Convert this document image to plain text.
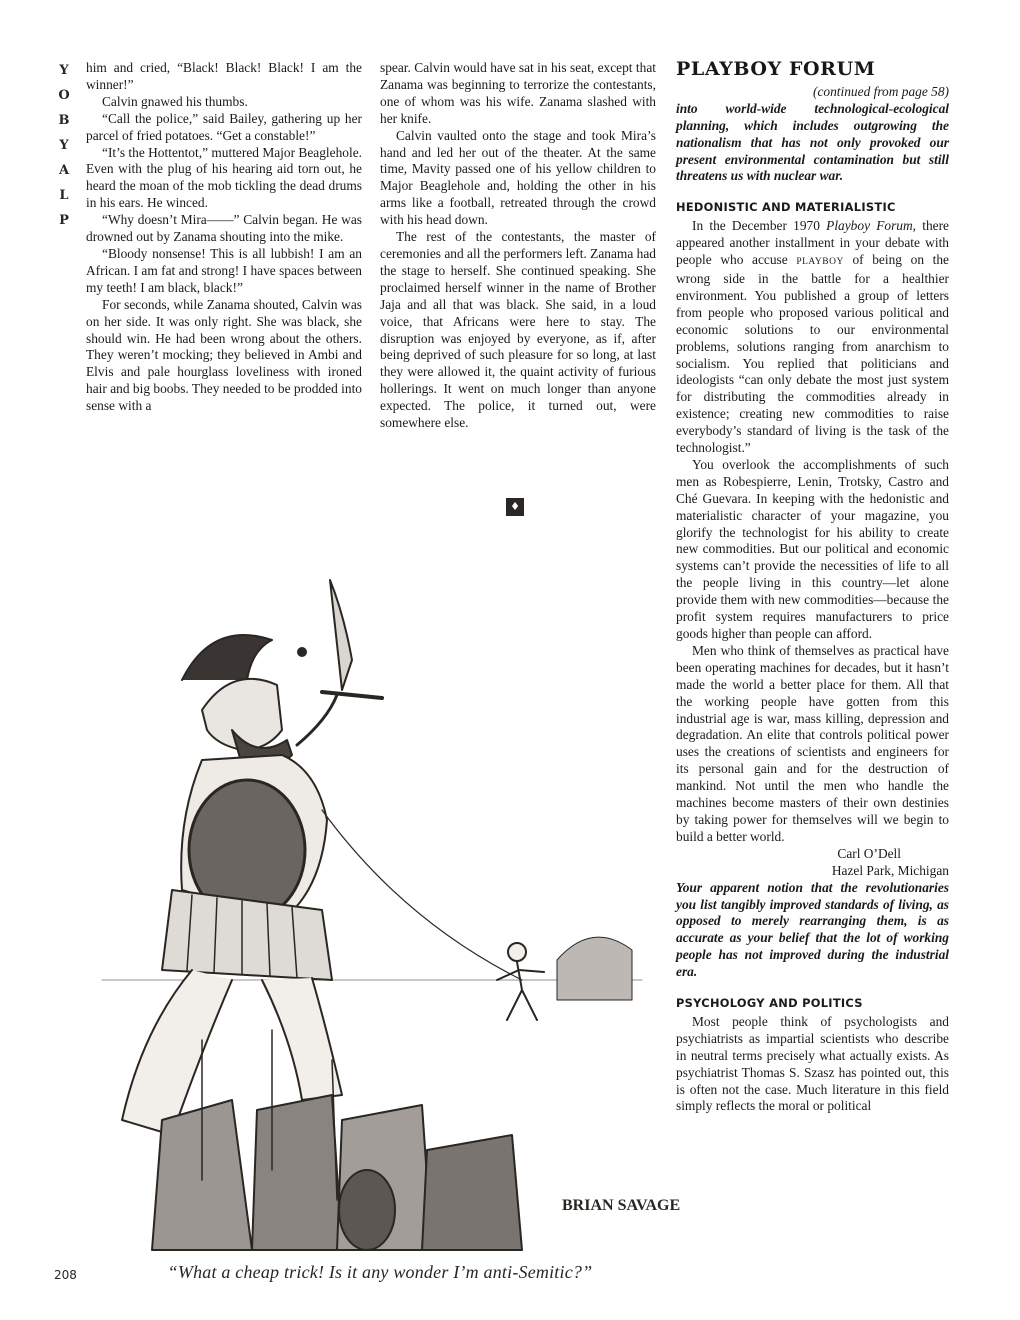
Y
O
B
Y
A
L
P

him and cried, “Black! Black! Black! I am the winner!”

Calvin gnawed his thumbs.

“Call the police,” said Bailey, gathering up her parcel of fried potatoes. “Get a constable!”

“It’s the Hottentot,” muttered Major Beaglehole. Even with the plug of his hearing aid torn out, he heard the moan of the mob tickling the dead drums in his ears. He winced.

“Why doesn’t Mira——” Calvin began. He was drowned out by Zanama shouting into the mike.

“Bloody nonsense! This is all lubbish! I am an African. I am fat and strong! I have spaces between my teeth! I am black, black!”

For seconds, while Zanama shouted, Calvin was on her side. It was only right. She was black, she should win. He had been wrong about the others. They weren’t mocking; they believed in Ambi and Elvis and pale hourglass loveliness with ironed hair and big boobs. They needed to be prodded into sense with a

spear. Calvin would have sat in his seat, except that Zanama was beginning to terrorize the contestants, one of whom was his wife. Zanama slashed with her knife.

Calvin vaulted onto the stage and took Mira’s hand and led her out of the theater. At the same time, Mavity passed one of his yellow children to Major Beaglehole and, holding the other in his arms like a football, retreated through the crowd with his head down.

The rest of the contestants, the master of ceremonies and all the performers left. Zanama had the stage to herself. She continued speaking. She proclaimed herself winner in the name of Brother Jaja and all that was black. She said, in a loud voice, that Africans were here to stay. The disruption was enjoyed by everyone, as if, after being deprived of such pleasure for so long, at last they were allowed it, the quaint activity of furious hollerings. It went on much longer than anyone expected. The police, it turned out, were somewhere else.

♦
PLAYBOY FORUM

(continued from page 58)

into world-wide technological-ecological planning, which includes outgrowing the nationalism that has not only provoked our present environmental contamination but still threatens us with nuclear war.

HEDONISTIC AND MATERIALISTIC

In the December 1970 Playboy Forum, there appeared another installment in your debate with people who accuse PLAYBOY of being on the wrong side in the battle for a healthier environment. You published a group of letters from people who proposed various political and economic solutions to our environmental problems, solutions ranging from anarchism to socialism. You replied that politicians and ideologists “can only debate the most just system for distributing the commodities already in existence; creating new commodities to raise everybody’s standard of living is the task of the technologist.”

You overlook the accomplishments of such men as Robespierre, Lenin, Trotsky, Castro and Ché Guevara. In keeping with the hedonistic and materialistic character of your magazine, you glorify the technologist for his ability to create new commodities. But our political and economic systems can’t provide the necessities of life to all the people living in this country—let alone provide them with new commodities—because the profit system requires manufacturers to price goods higher than people can afford.

Men who think of themselves as practical have been operating machines for decades, but it hasn’t made the world a better place for them. All that the working people have gotten from this industrial age is war, mass killing, depression and degradation. An elite that controls political power uses the creations of scientists and engineers for its personal gain and for the destruction of mankind. Not until the men who handle the machines become masters of their own destinies by taking power for themselves will we begin to build a better world.

Carl O’Dell

Hazel Park, Michigan

Your apparent notion that the revolutionaries you list tangibly improved standards of living, as opposed to merely rearranging them, is as accurate as your belief that the lot of working people has not improved during the industrial era.

PSYCHOLOGY AND POLITICS

Most people think of psychologists and psychiatrists as impartial scientists who describe in neutral terms precisely what actually exists. As psychiatrist Thomas S. Szasz has pointed out, this is often not the case. Much literature in this field simply reflects the moral or political

BRIAN SAVAGE
“What a cheap trick! Is it any wonder I’m anti-Semitic?”
208
